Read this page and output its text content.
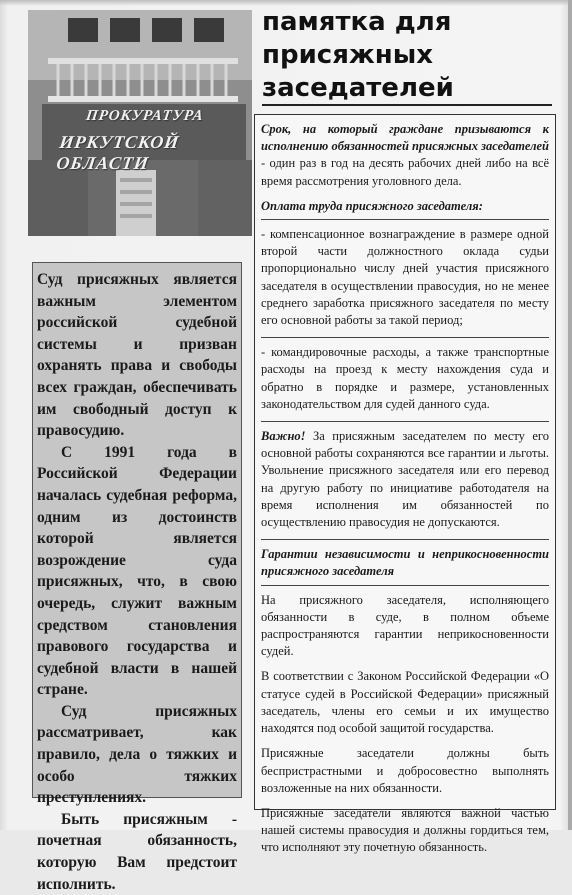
ПРОКУРАТУРА
ИРКУТСКОЙ ОБЛАСТИ
памятка для
присяжных
заседателей

Суд присяжных является важным элементом российской судебной системы и призван охранять права и свободы всех граждан, обеспечивать им свободный доступ к правосудию.

С 1991 года в Российской Федерации началась судебная реформа, одним из достоинств которой является возрождение суда присяжных, что, в свою очередь, служит важным средством становления правового государства и судебной власти в нашей стране.

Суд присяжных рассматривает, как правило, дела о тяжких и особо тяжких преступлениях.

Быть присяжным - почетная обязанность, которую Вам предстоит исполнить.

Срок, на который граждане призываются к исполнению обязанностей присяжных заседателей - один раз в год на десять рабочих дней либо на всё время рассмотрения уголовного дела.

Оплата труда присяжного заседателя:

- компенсационное вознаграждение в размере одной второй части должностного оклада судьи пропорционально числу дней участия присяжного заседателя в осуществлении правосудия, но не менее среднего заработка присяжного заседателя по месту его основной работы за такой период;

- командировочные расходы, а также транспортные расходы на проезд к месту нахождения суда и обратно в порядке и размере, установленных законодательством для судей данного суда.

Важно! За присяжным заседателем по месту его основной работы сохраняются все гарантии и льготы. Увольнение присяжного заседателя или его перевод на другую работу по инициативе работодателя на время исполнения им обязанностей по осуществлению правосудия не допускаются.

Гарантии независимости и неприкосновенности присяжного заседателя

На присяжного заседателя, исполняющего обязанности в суде, в полном объеме распространяются гарантии неприкосновенности судей.

В соответствии с Законом Российской Федерации «О статусе судей в Российской Федерации» присяжный заседатель, члены его семьи и их имущество находятся под особой защитой государства.

Присяжные заседатели должны быть беспристрастными и добросовестно выполнять возложенные на них обязанности.

Присяжные заседатели являются важной частью нашей системы правосудия и должны гордиться тем, что исполняют эту почетную обязанность.
